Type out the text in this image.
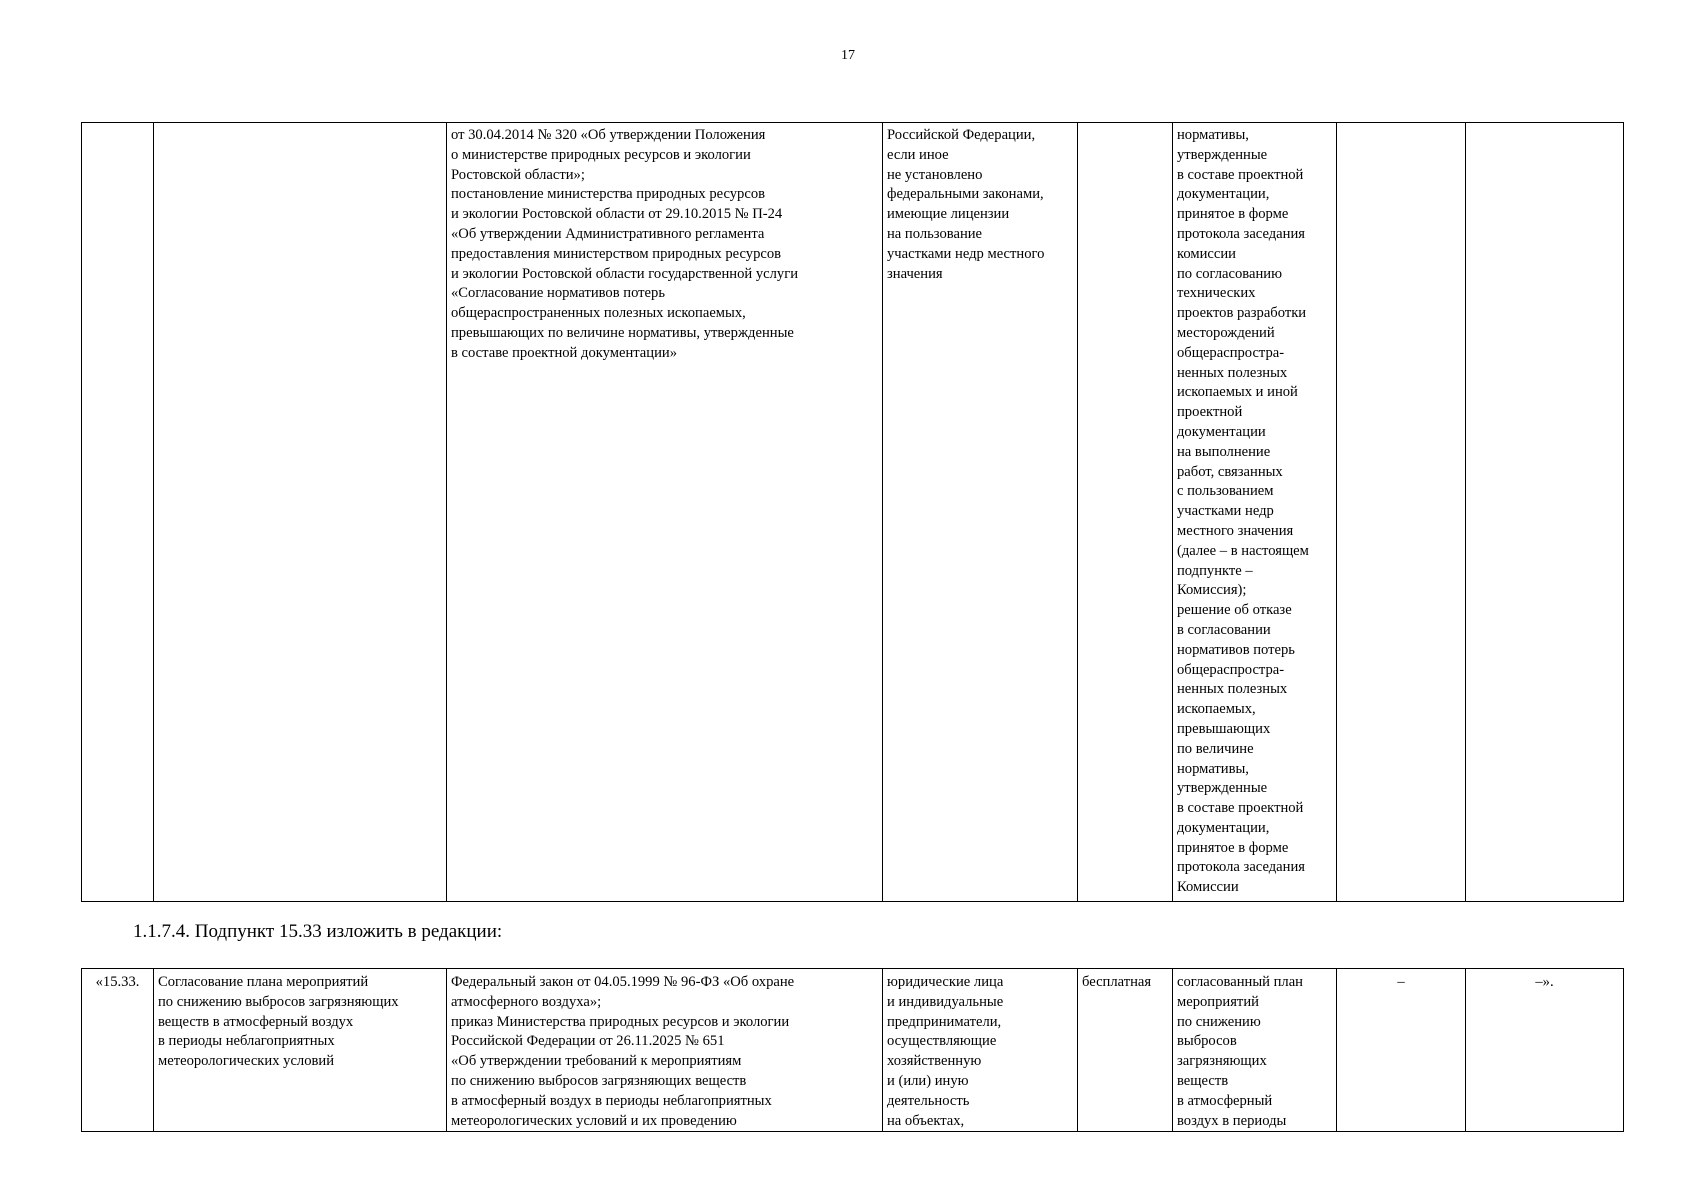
17
		от 30.04.2014 № 320 «Об утверждении Положения
о министерстве природных ресурсов и экологии
Ростовской области»;
постановление министерства природных ресурсов
и экологии Ростовской области от 29.10.2015 № П-24
«Об утверждении Административного регламента
предоставления министерством природных ресурсов
и экологии Ростовской области государственной услуги
«Согласование нормативов потерь
общераспространенных полезных ископаемых,
превышающих по величине нормативы, утвержденные
в составе проектной документации»	Российской Федерации,
если иное
не установлено
федеральными законами,
имеющие лицензии
на пользование
участками недр местного
значения		нормативы,
утвержденные
в составе проектной
документации,
принятое в форме
протокола заседания
комиссии
по согласованию
технических
проектов разработки
месторождений
общераспростра-
ненных полезных
ископаемых и иной
проектной
документации
на выполнение
работ, связанных
с пользованием
участками недр
местного значения
(далее – в настоящем
подпункте –
Комиссия);
решение об отказе
в согласовании
нормативов потерь
общераспростра-
ненных полезных
ископаемых,
превышающих
по величине
нормативы,
утвержденные
в составе проектной
документации,
принятое в форме
протокола заседания
Комиссии		
1.1.7.4. Подпункт 15.33 изложить в редакции:
«15.33.	Согласование плана мероприятий
по снижению выбросов загрязняющих
веществ в атмосферный воздух
в периоды неблагоприятных
метеорологических условий	Федеральный закон от 04.05.1999 № 96-ФЗ «Об охране
атмосферного воздуха»;
приказ Министерства природных ресурсов и экологии
Российской Федерации от 26.11.2025 № 651
«Об утверждении требований к мероприятиям
по снижению выбросов загрязняющих веществ
в атмосферный воздух в периоды неблагоприятных
метеорологических условий и их проведению	юридические лица
и индивидуальные
предприниматели,
осуществляющие
хозяйственную
и (или) иную
деятельность
на объектах,	бесплатная	согласованный план
мероприятий
по снижению
выбросов
загрязняющих
веществ
в атмосферный
воздух в периоды	–	–».
